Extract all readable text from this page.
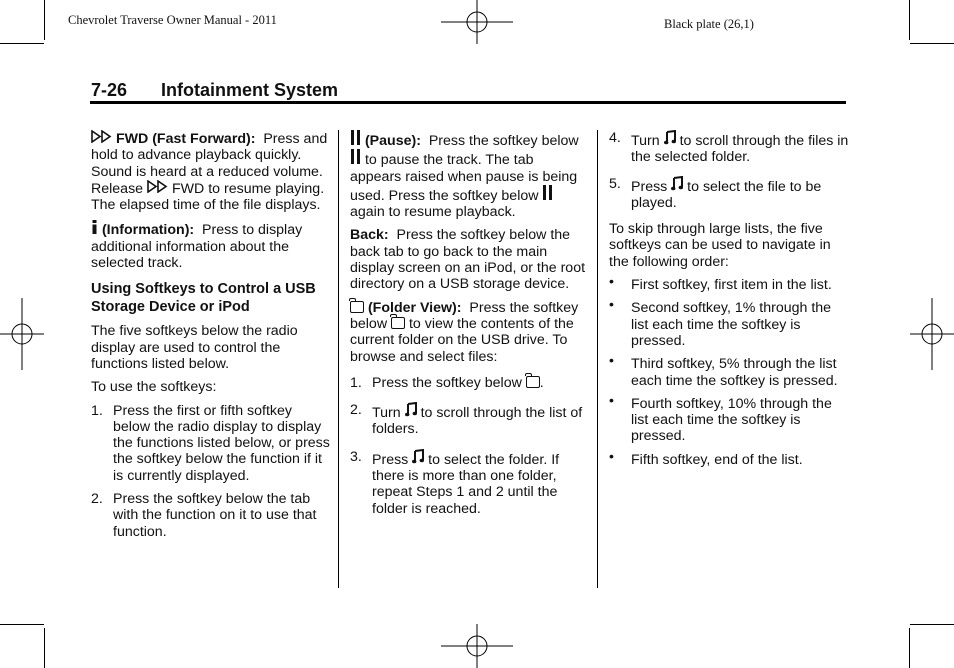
Chevrolet Traverse Owner Manual - 2011	Black plate (26,1)
7-26 Infotainment System

FWD (Fast Forward): Press and hold to advance playback quickly. Sound is heard at a reduced volume. Release FWD to resume playing. The elapsed time of the file displays.

(Information): Press to display additional information about the selected track.

Using Softkeys to Control a USB Storage Device or iPod

The five softkeys below the radio display are used to control the functions listed below.

To use the softkeys:

1. Press the first or fifth softkey below the radio display to display the functions listed below, or press the softkey below the function if it is currently displayed.
2. Press the softkey below the tab with the function on it to use that function.

(Pause): Press the softkey below  to pause the track. The tab appears raised when pause is being used. Press the softkey below  again to resume playback.

Back: Press the softkey below the back tab to go back to the main display screen on an iPod, or the root directory on a USB storage device.

(Folder View): Press the softkey below to view the contents of the current folder on the USB drive. To browse and select files:

1. Press the softkey below .
2. Turn to scroll through the list of folders.
3. Press to select the folder. If there is more than one folder, repeat Steps 1 and 2 until the folder is reached.
4. Turn to scroll through the files in the selected folder.
5. Press to select the file to be played.

To skip through large lists, the five softkeys can be used to navigate in the following order:

•	First softkey, first item in the list.
•	Second softkey, 1% through the list each time the softkey is pressed.
•	Third softkey, 5% through the list each time the softkey is pressed.
•	Fourth softkey, 10% through the list each time the softkey is pressed.
•	Fifth softkey, end of the list.
